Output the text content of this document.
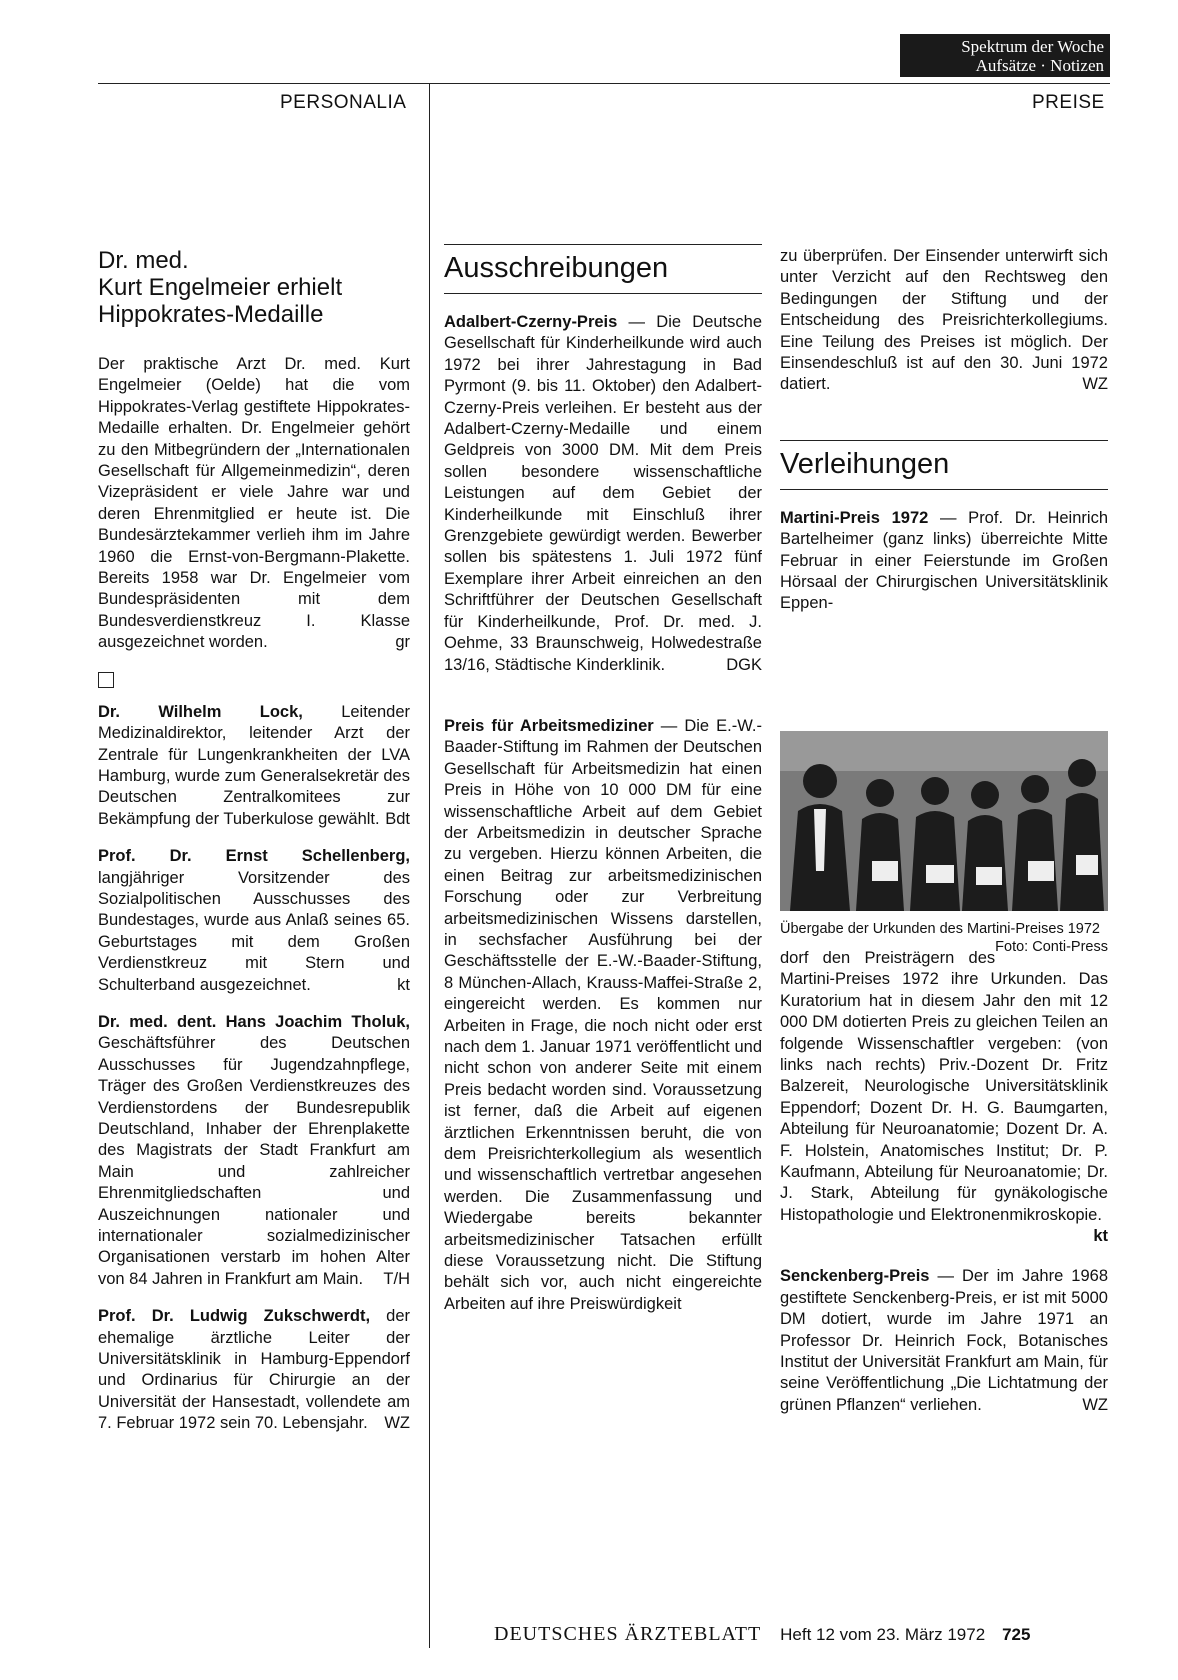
Spektrum der Woche
Aufsätze · Notizen
PERSONALIA	PREISE
Dr. med.
Kurt Engelmeier erhielt
Hippokrates-Medaille

Der praktische Arzt Dr. med. Kurt Engelmeier (Oelde) hat die vom Hippokrates-Verlag gestiftete Hippokrates-Medaille erhalten. Dr. Engelmeier gehört zu den Mitbegründern der „Internationalen Gesellschaft für Allgemeinmedizin“, deren Vizepräsident er viele Jahre war und deren Ehrenmitglied er heute ist. Die Bundesärztekammer verlieh ihm im Jahre 1960 die Ernst-von-Bergmann-Plakette. Bereits 1958 war Dr. Engelmeier vom Bundespräsidenten mit dem Bundesverdienstkreuz I. Klasse ausgezeichnet worden.	gr

Dr. Wilhelm Lock, Leitender Medizinaldirektor, leitender Arzt der Zentrale für Lungenkrankheiten der LVA Hamburg, wurde zum Generalsekretär des Deutschen Zentralkomitees zur Bekämpfung der Tuberkulose gewählt. Bdt

Prof. Dr. Ernst Schellenberg, langjähriger Vorsitzender des Sozialpolitischen Ausschusses des Bundestages, wurde aus Anlaß seines 65. Geburtstages mit dem Großen Verdienstkreuz mit Stern und Schulterband ausgezeichnet.	kt

Dr. med. dent. Hans Joachim Tholuk, Geschäftsführer des Deutschen Ausschusses für Jugendzahnpflege, Träger des Großen Verdienstkreuzes des Verdienstordens der Bundesrepublik Deutschland, Inhaber der Ehrenplakette des Magistrats der Stadt Frankfurt am Main und zahlreicher Ehrenmitgliedschaften und Auszeichnungen nationaler und internationaler sozialmedizinischer Organisationen verstarb im hohen Alter von 84 Jahren in Frankfurt am Main. T/H

Prof. Dr. Ludwig Zukschwerdt, der ehemalige ärztliche Leiter der Universitätsklinik in Hamburg-Eppendorf und Ordinarius für Chirurgie an der Universität der Hansestadt, vollendete am 7. Februar 1972 sein 70. Lebensjahr. WZ

Ausschreibungen

Adalbert-Czerny-Preis — Die Deutsche Gesellschaft für Kinderheilkunde wird auch 1972 bei ihrer Jahrestagung in Bad Pyrmont (9. bis 11. Oktober) den Adalbert-Czerny-Preis verleihen. Er besteht aus der Adalbert-Czerny-Medaille und einem Geldpreis von 3000 DM. Mit dem Preis sollen besondere wissenschaftliche Leistungen auf dem Gebiet der Kinderheilkunde mit Einschluß ihrer Grenzgebiete gewürdigt werden. Bewerber sollen bis spätestens 1. Juli 1972 fünf Exemplare ihrer Arbeit einreichen an den Schriftführer der Deutschen Gesellschaft für Kinderheilkunde, Prof. Dr. med. J. Oehme, 33 Braunschweig, Holwedestraße 13/16, Städtische Kinderklinik.	DGK

Preis für Arbeitsmediziner — Die E.-W.-Baader-Stiftung im Rahmen der Deutschen Gesellschaft für Arbeitsmedizin hat einen Preis in Höhe von 10 000 DM für eine wissenschaftliche Arbeit auf dem Gebiet der Arbeitsmedizin in deutscher Sprache zu vergeben. Hierzu können Arbeiten, die einen Beitrag zur arbeitsmedizinischen Forschung oder zur Verbreitung arbeitsmedizinischen Wissens darstellen, in sechsfacher Ausführung bei der Geschäftsstelle der E.-W.-Baader-Stiftung, 8 München-Allach, Krauss-Maffei-Straße 2, eingereicht werden. Es kommen nur Arbeiten in Frage, die noch nicht oder erst nach dem 1. Januar 1971 veröffentlicht und nicht schon von anderer Seite mit einem Preis bedacht worden sind. Voraussetzung ist ferner, daß die Arbeit auf eigenen ärztlichen Erkenntnissen beruht, die von dem Preisrichterkollegium als wesentlich und wissenschaftlich vertretbar angesehen werden. Die Zusammenfassung und Wiedergabe bereits bekannter arbeitsmedizinischer Tatsachen erfüllt diese Voraussetzung nicht. Die Stiftung behält sich vor, auch nicht eingereichte Arbeiten auf ihre Preiswürdigkeit

zu überprüfen. Der Einsender unterwirft sich unter Verzicht auf den Rechtsweg den Bedingungen der Stiftung und der Entscheidung des Preisrichterkollegiums. Eine Teilung des Preises ist möglich. Der Einsendeschluß ist auf den 30. Juni 1972 datiert.	WZ

Verleihungen

Martini-Preis 1972 — Prof. Dr. Heinrich Bartelheimer (ganz links) überreichte Mitte Februar in einer Feierstunde im Großen Hörsaal der Chirurgischen Universitätsklinik Eppen-

Übergabe der Urkunden des Martini-Preises 1972
Foto: Conti-Press

dorf den Preisträgern des Martini-Preises 1972 ihre Urkunden. Das Kuratorium hat in diesem Jahr den mit 12 000 DM dotierten Preis zu gleichen Teilen an folgende Wissenschaftler vergeben: (von links nach rechts) Priv.-Dozent Dr. Fritz Balzereit, Neurologische Universitätsklinik Eppendorf; Dozent Dr. H. G. Baumgarten, Abteilung für Neuroanatomie; Dozent Dr. A. F. Holstein, Anatomisches Institut; Dr. P. Kaufmann, Abteilung für Neuroanatomie; Dr. J. Stark, Abteilung für gynäkologische Histopathologie und Elektronenmikroskopie.
kt

Senckenberg-Preis — Der im Jahre 1968 gestiftete Senckenberg-Preis, er ist mit 5000 DM dotiert, wurde im Jahre 1971 an Professor Dr. Heinrich Fock, Botanisches Institut der Universität Frankfurt am Main, für seine Veröffentlichung „Die Lichtatmung der grünen Pflanzen“ verliehen.	WZ

DEUTSCHES ÄRZTEBLATT Heft 12 vom 23. März 1972 725
